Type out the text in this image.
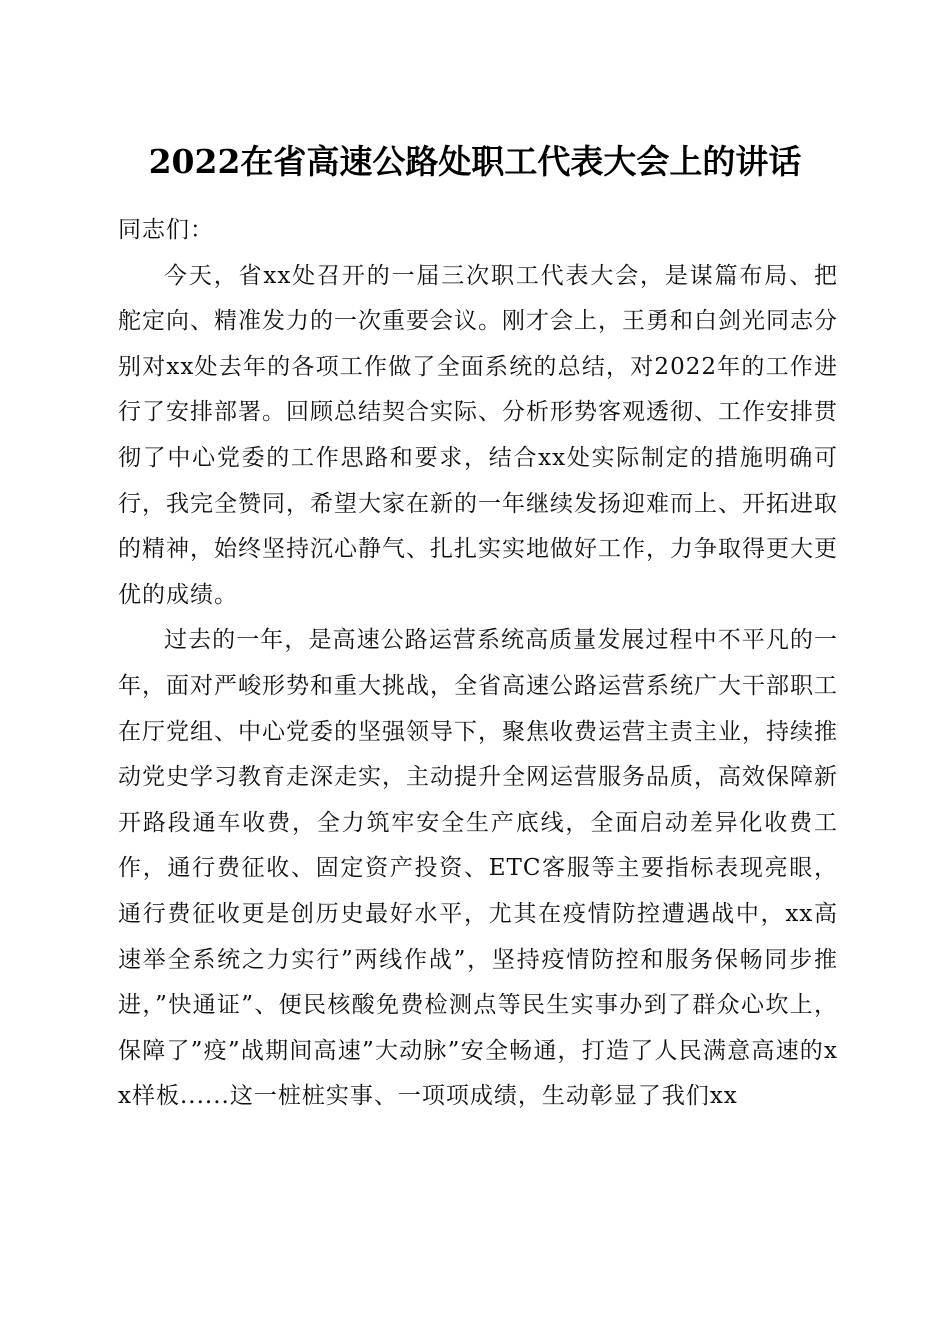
2022在省高速公路处职工代表大会上的讲话

同志们：

今天，省xx处召开的一届三次职工代表大会，是谋篇布局、把舵定向、精准发力的一次重要会议。刚才会上，王勇和白剑光同志分别对xx处去年的各项工作做了全面系统的总结，对2022年的工作进行了安排部署。回顾总结契合实际、分析形势客观透彻、工作安排贯彻了中心党委的工作思路和要求，结合xx处实际制定的措施明确可行，我完全赞同，希望大家在新的一年继续发扬迎难而上、开拓进取的精神，始终坚持沉心静气、扎扎实实地做好工作，力争取得更大更优的成绩。

过去的一年，是高速公路运营系统高质量发展过程中不平凡的一年，面对严峻形势和重大挑战，全省高速公路运营系统广大干部职工在厅党组、中心党委的坚强领导下，聚焦收费运营主责主业，持续推动党史学习教育走深走实，主动提升全网运营服务品质，高效保障新开路段通车收费，全力筑牢安全生产底线，全面启动差异化收费工作，通行费征收、固定资产投资、ETC客服等主要指标表现亮眼，通行费征收更是创历史最好水平，尤其在疫情防控遭遇战中，xx高速举全系统之力实行”两线作战”，坚持疫情防控和服务保畅同步推进，”快通证”、便民核酸免费检测点等民生实事办到了群众心坎上，保障了”疫”战期间高速”大动脉”安全畅通，打造了人民满意高速的xx样板......这一桩桩实事、一项项成绩，生动彰显了我们xx
